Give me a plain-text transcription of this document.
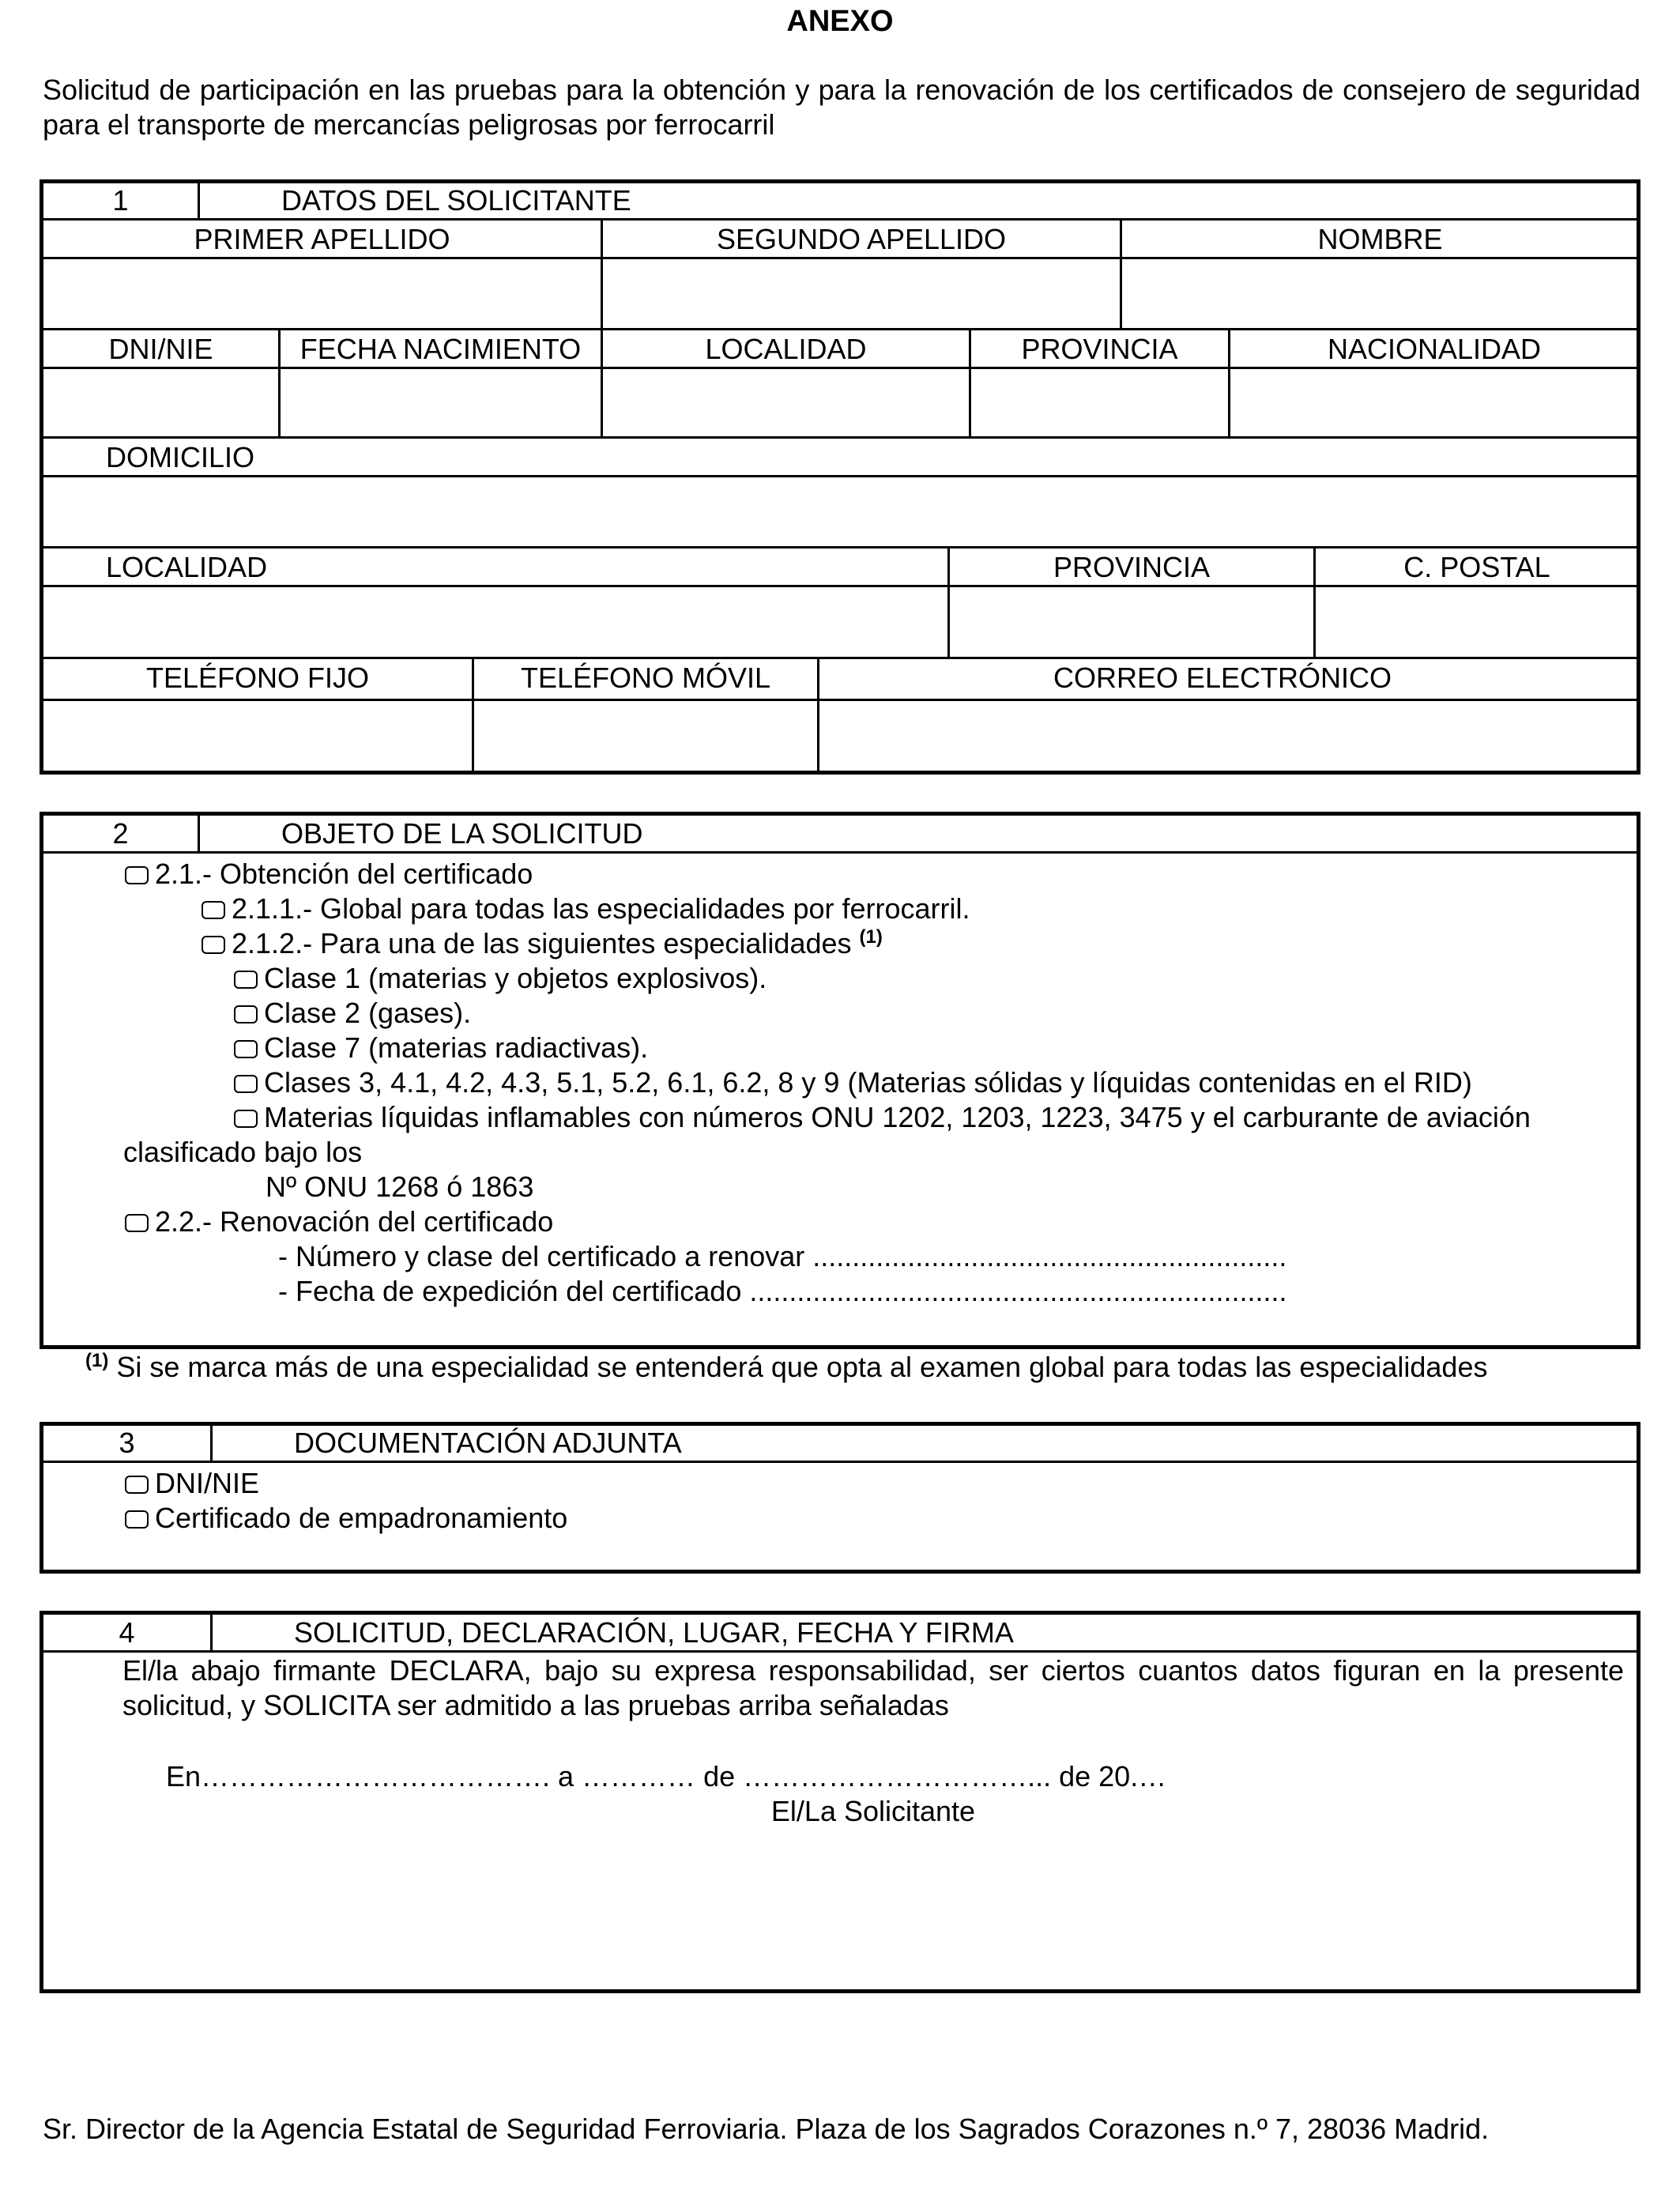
ANEXO
Solicitud de participación en las pruebas para la obtención y para la renovación de los certificados de consejero de seguridad para el transporte de mercancías peligrosas por ferrocarril
1	DATOS DEL SOLICITANTE
PRIMER APELLIDO	SEGUNDO APELLIDO	NOMBRE
DNI/NIE	FECHA NACIMIENTO	LOCALIDAD	PROVINCIA	NACIONALIDAD
DOMICILIO
LOCALIDAD	PROVINCIA	C. POSTAL
TELÉFONO FIJO	TELÉFONO MÓVIL	CORREO ELECTRÓNICO
2	OBJETO DE LA SOLICITUD
2.1.- Obtención del certificado
2.1.1.- Global para todas las especialidades por ferrocarril.
2.1.2.- Para una de las siguientes especialidades $^{(1)}$
Clase 1 (materias y objetos explosivos).
Clase 2 (gases).
Clase 7 (materias radiactivas).
Clases 3, 4.1, 4.2, 4.3, 5.1, 5.2, 6.1, 6.2, 8 y 9 (Materias sólidas y líquidas contenidas en el RID)
Materias líquidas inflamables con números ONU 1202, 1203, 1223, 3475 y el carburante de aviación
clasificado bajo los
Nº ONU 1268 ó 1863
2.2.- Renovación del certificado
- Número y clase del certificado a renovar ............................................................
- Fecha de expedición del certificado ....................................................................
$^{(1)}$ Si se marca más de una especialidad se entenderá que opta al examen global para todas las especialidades
3	DOCUMENTACIÓN ADJUNTA
DNI/NIE
Certificado de empadronamiento
4	SOLICITUD, DECLARACIÓN, LUGAR, FECHA Y FIRMA
El/la abajo firmante DECLARA, bajo su expresa responsabilidad, ser ciertos cuantos datos figuran en la presente solicitud, y SOLICITA ser admitido a las pruebas arriba señaladas
En………………………………. a ………… de …………………………... de 20.…
El/La Solicitante
Sr. Director de la Agencia Estatal de Seguridad Ferroviaria. Plaza de los Sagrados Corazones n.º 7, 28036 Madrid.
